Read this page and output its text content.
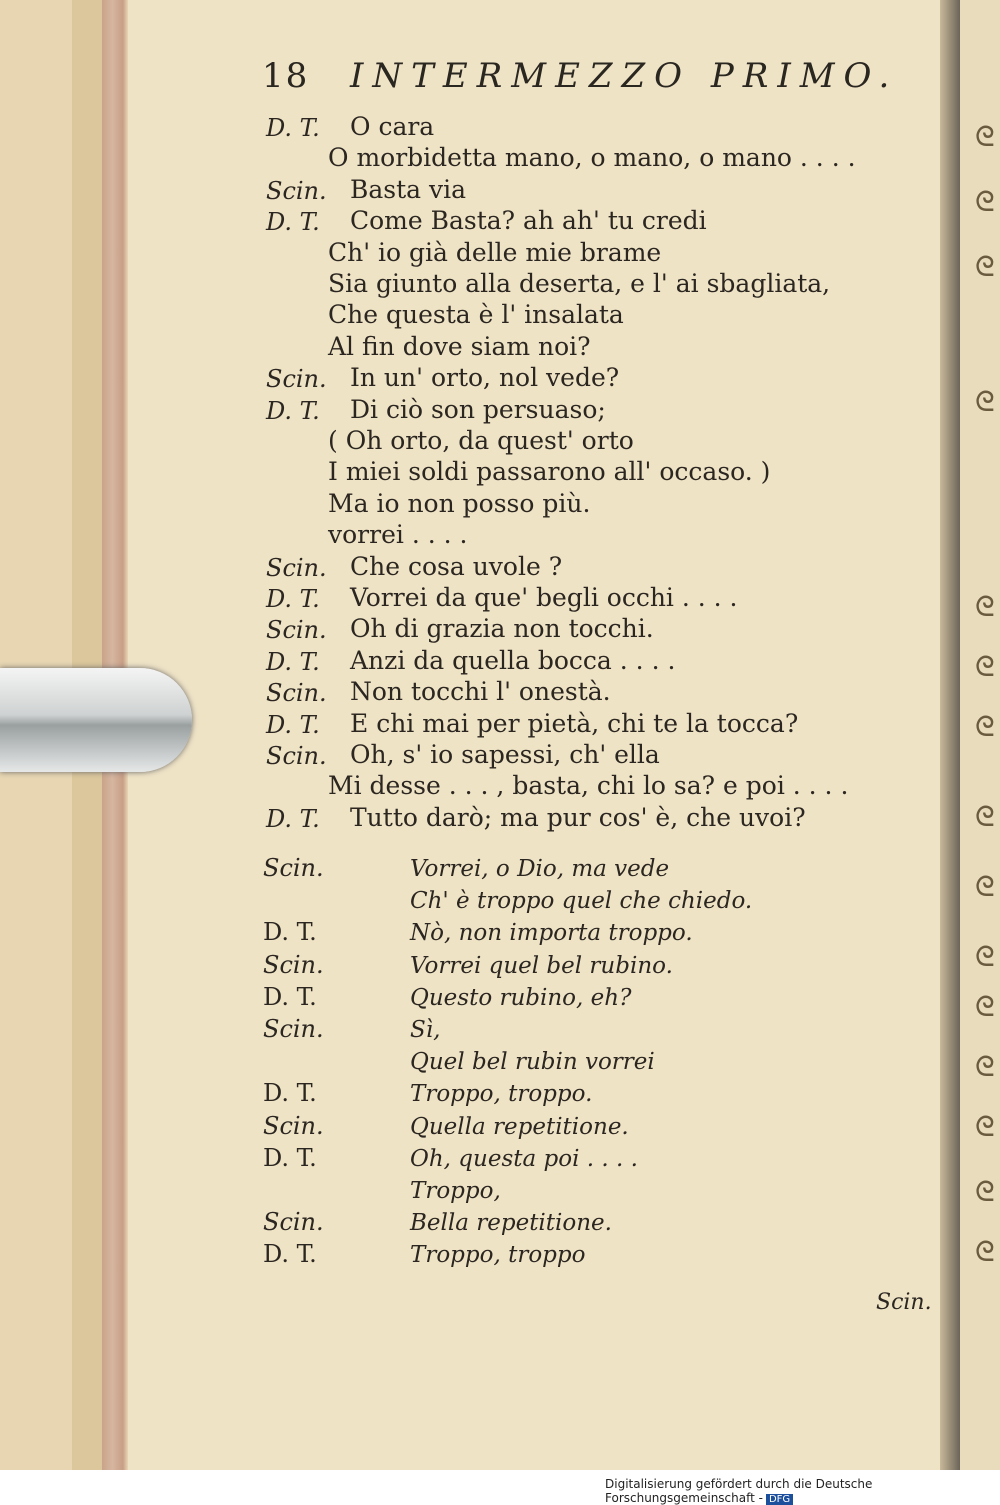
18 INTERMEZZO PRIMO.
D. T. O cara
O morbidetta mano, o mano, o mano . . . .
Scin. Basta via
D. T. Come Basta? ah ah' tu credi
Ch' io già delle mie brame
Sia giunto alla deserta, e l' ai sbagliata,
Che questa è l' insalata
Al fin dove siam noi?
Scin. In un' orto, nol vede?
D. T. Di ciò son persuaso;
( Oh orto, da quest' orto
I miei soldi passarono all' occaso. )
Ma io non posso più.
vorrei . . . .
Scin. Che cosa uvole ?
D. T. Vorrei da que' begli occhi . . . .
Scin. Oh di grazia non tocchi.
D. T. Anzi da quella bocca . . . .
Scin. Non tocchi l' onestà.
D. T. E chi mai per pietà, chi te la tocca?
Scin. Oh, s' io sapessi, ch' ella
Mi desse . . . , basta, chi lo sa? e poi . . . .
D. T. Tutto darò; ma pur cos' è, che uvoi?
Scin.	Vorrei, o Dio, ma vede
Ch' è troppo quel che chiedo.
D. T.	Nò, non importa troppo.
Scin.	Vorrei quel bel rubino.
D. T.	Questo rubino, eh?
Scin.	Sì,
Quel bel rubin vorrei
D. T.	Troppo, troppo.
Scin.	Quella repetitione.
D. T.	Oh, questa poi . . . .
Troppo,
Scin.	Bella repetitione.
D. T.	Troppo, troppo
Scin.
ᘓ
ᘓ
ᘓ
ᘓ
ᘓ
ᘓ
ᘓ
ᘓ
ᘓ
ᘓ
ᘓ
ᘓ
ᘓ
ᘓ
ᘓ
Digitalisierung gefördert durch die Deutsche Forschungsgemeinschaft - DFG
